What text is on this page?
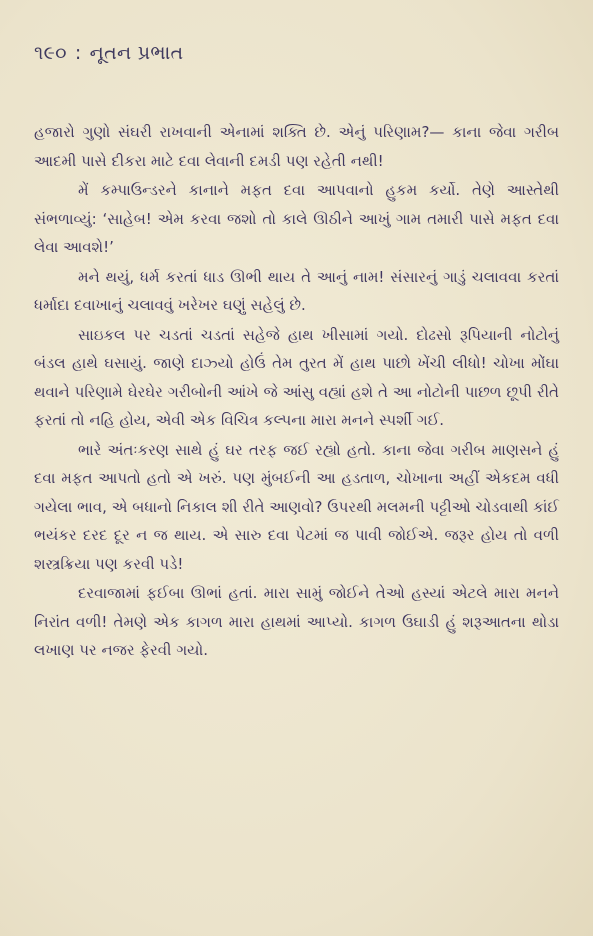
૧૯૦ : નૂતન પ્રભાત

હજારો ગુણો સંઘરી રાખવાની એનામાં શક્તિ છે. એનું પરિણામ?— કાના જેવા ગરીબ આદમી પાસે દીકરા માટે દવા લેવાની દમડી પણ રહેતી નથી!

મેં કમ્પાઉન્ડરને કાનાને મફત દવા આપવાનો હુકમ કર્યો. તેણે આસ્તેથી સંભળાવ્યું: ‘સાહેબ! એમ કરવા જશો તો કાલે ઊઠીને આખું ગામ તમારી પાસે મફત દવા લેવા આવશે!’

મને થયું, ધર્મ કરતાં ધાડ ઊભી થાય તે આનું નામ! સંસારનું ગાડું ચલાવવા કરતાં ધર્માદા દવાખાનું ચલાવવું ખરેખર ઘણું સહેલું છે.

સાઇકલ પર ચડતાં ચડતાં સહેજે હાથ ખીસામાં ગયો. દોઢસો રૂપિયાની નોટોનું બંડલ હાથે ઘસાયું. જાણે દાઝ્યો હોઉં તેમ તુરત મેં હાથ પાછો ખેંચી લીધો! ચોખા મોંઘા થવાને પરિણામે ઘેરઘેર ગરીબોની આંખે જે આંસુ વહ્યાં હશે તે આ નોટોની પાછળ છૂપી રીતે ફરતાં તો નહિ હોય, એવી એક વિચિત્ર કલ્પના મારા મનને સ્પર્શી ગઈ.

ભારે અંતઃકરણ સાથે હું ઘર તરફ જઈ રહ્યો હતો. કાના જેવા ગરીબ માણસને હું દવા મફત આપતો હતો એ ખરું. પણ મુંબઈની આ હડતાળ, ચોખાના અહીં એકદમ વધી ગયેલા ભાવ, એ બધાનો નિકાલ શી રીતે આણવો? ઉપરથી મલમની પટ્ટીઓ ચોડવાથી કાંઈ ભયંકર દરદ દૂર ન જ થાય. એ સારુ દવા પેટમાં જ પાવી જોઈએ. જરૂર હોય તો વળી શસ્ત્રક્રિયા પણ કરવી પડે!

દરવાજામાં ફઈબા ઊભાં હતાં. મારા સામું જોઈને તેઓ હસ્યાં એટલે મારા મનને નિરાંત વળી! તેમણે એક કાગળ મારા હાથમાં આપ્યો. કાગળ ઉઘાડી હું શરૂઆતના થોડા લખાણ પર નજર ફેરવી ગયો.
